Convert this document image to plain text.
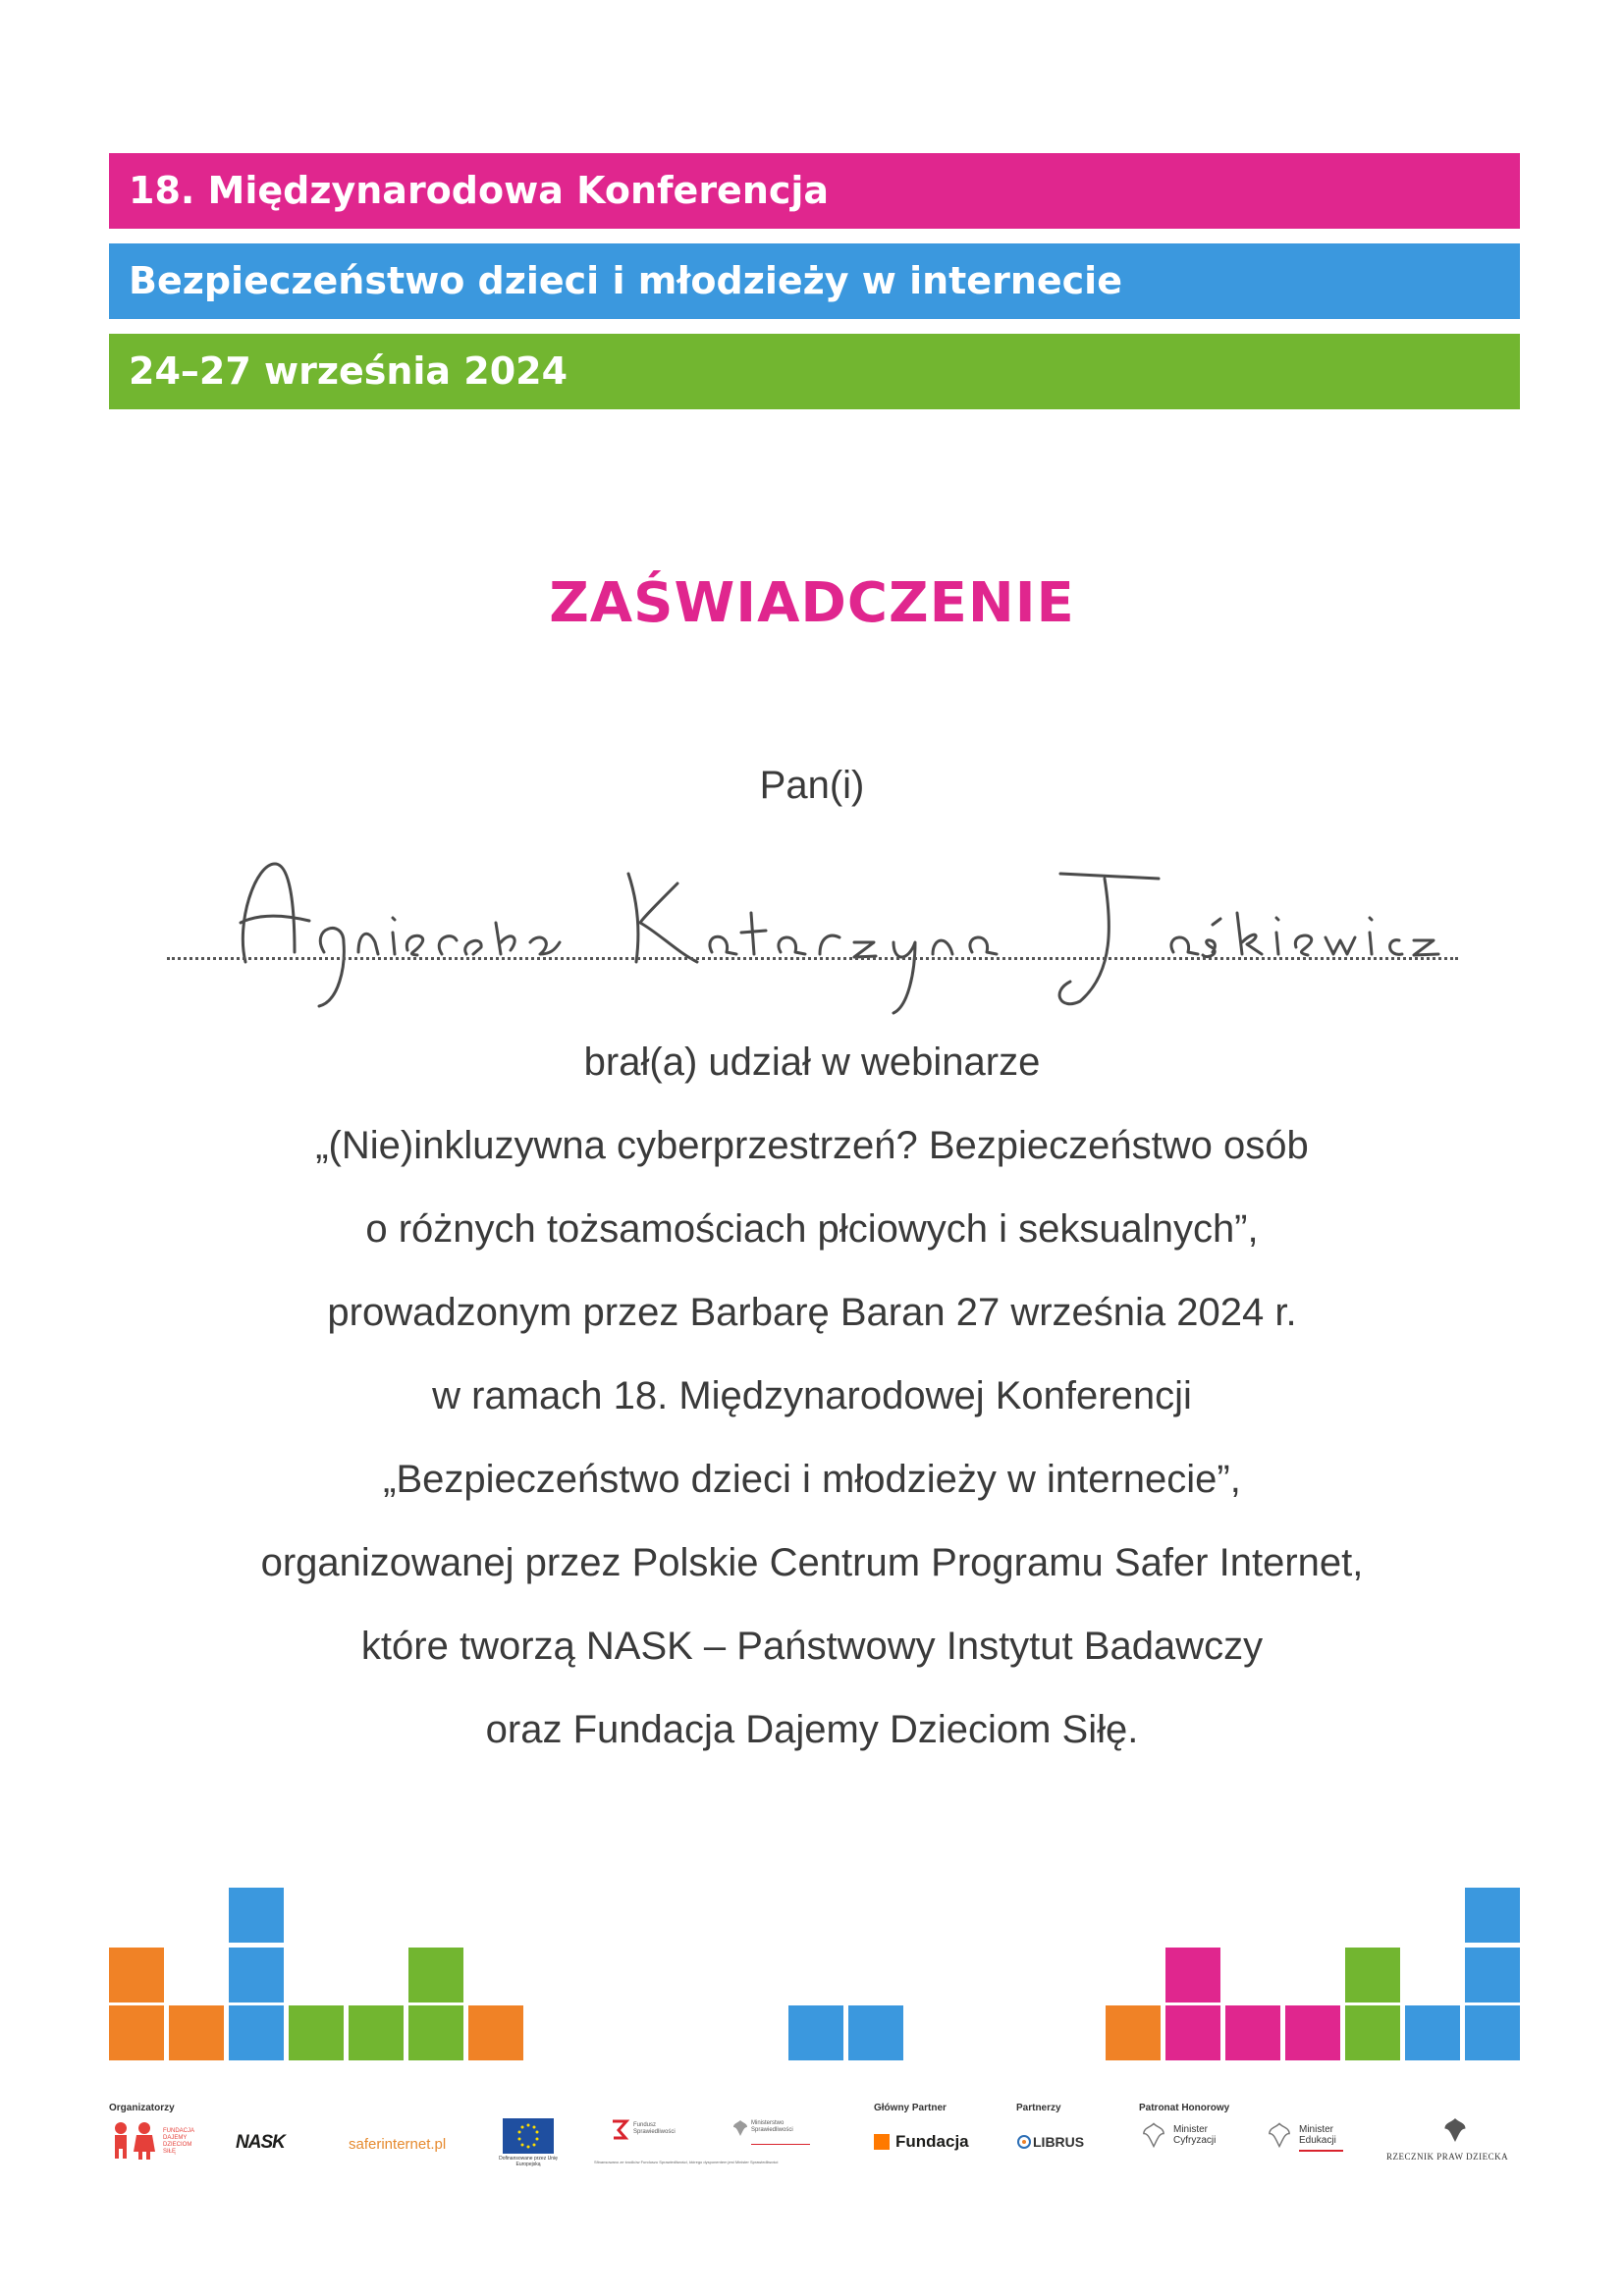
18. Międzynarodowa Konferencja
Bezpieczeństwo dzieci i młodzieży w internecie
24–27 września 2024
ZAŚWIADCZENIE
Pan(i)
brał(a) udział w webinarze
„(Nie)inkluzywna cyberprzestrzeń? Bezpieczeństwo osób
o różnych tożsamościach płciowych i seksualnych”,
prowadzonym przez Barbarę Baran 27 września 2024 r.
w ramach 18. Międzynarodowej Konferencji
„Bezpieczeństwo dzieci i młodzieży w internecie”,
organizowanej przez Polskie Centrum Programu Safer Internet,
które tworzą NASK – Państwowy Instytut Badawczy
oraz Fundacja Dajemy Dzieciom Siłę.
Organizatorzy	Główny Partner	Partnerzy	Patronat Honorowy
FUNDACJA DAJEMY DZIECIOM SIŁĘ	NASK	saferinternet.pl
Dofinansowane przez Unię Europejską
Fundusz Sprawiedliwości
Ministerstwo Sprawiedliwości
Sfinansowano ze środków Funduszu Sprawiedliwości, którego dysponentem jest Minister Sprawiedliwości
Fundacja	LIBRUS
Minister Cyfryzacji
Minister Edukacji
RZECZNIK PRAW DZIECKA
